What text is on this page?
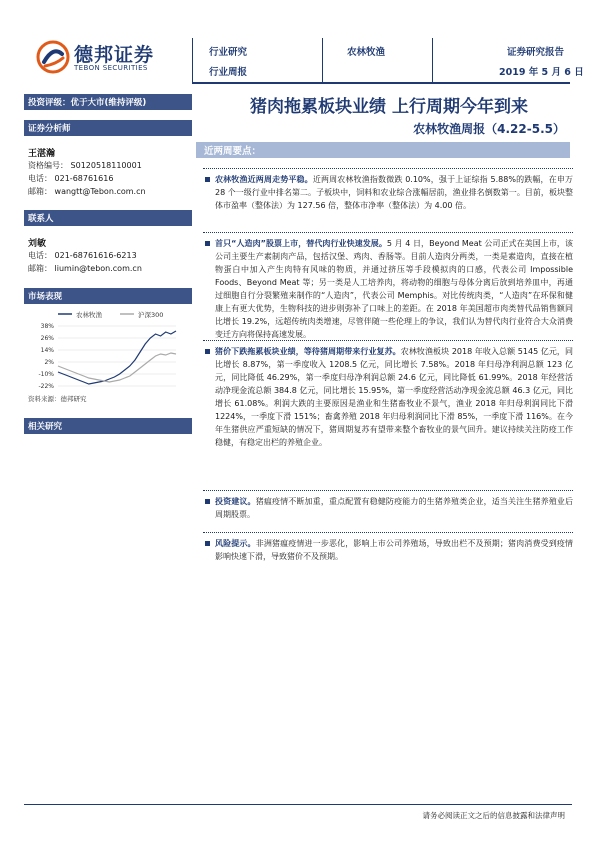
德邦证券
TEBON SECURITIES
行业研究
行业周报
农林牧渔	证券研究报告
2019 年 5 月 6 日
投资评级：优于大市(维持评级)
证券分析师
王湛瀚
资格编号： S0120518110001
电话： 021-68761616
邮箱： wangtt@Tebon.com.cn
联系人
刘敏
电话： 021-68761616-6213
邮箱： liumin@tebon.com.cn
市场表现
农林牧渔	沪深300
38%
26%
14%
2%
-10%
-22%
资料来源：德邦研究
相关研究
猪肉拖累板块业绩 上行周期今年到来
农林牧渔周报（4.22-5.5）
近两周要点：

农林牧渔近两周走势平稳。近两周农林牧渔指数微跌 0.10%，强于上证综指 5.88%的跌幅，在申万 28 个一级行业中排名第二。子板块中，饲料和农业综合涨幅居前，渔业排名倒数第一。目前，板块整体市盈率（整体法）为 127.56 倍，整体市净率（整体法）为 4.00 倍。

首只“人造肉”股票上市，替代肉行业快速发展。5 月 4 日，Beyond Meat 公司正式在美国上市，该公司主要生产素制肉产品，包括汉堡、鸡肉、香肠等。目前人造肉分两类，一类是素造肉，直接在植物蛋白中加入产生肉特有风味的物质，并通过挤压等手段模拟肉的口感，代表公司 Impossible Foods、Beyond Meat 等；另一类是人工培养肉，将动物的细胞与母体分离后放到培养皿中，再通过细胞自行分裂繁殖来制作的“人造肉”，代表公司 Memphis。对比传统肉类，“人造肉”在环保和健康上有更大优势，生物科技的进步则弥补了口味上的差距。在 2018 年美国超市肉类替代品销售额同比增长 19.2%，远超传统肉类增速，尽管伴随一些伦理上的争议，我们认为替代肉行业符合大众消费变迁方向将保持高速发展。

猪价下跌拖累板块业绩，等待猪周期带来行业复苏。农林牧渔板块 2018 年收入总额 5145 亿元，同比增长 8.87%，第一季度收入 1208.5 亿元，同比增长 7.58%。2018 年归母净利润总额 123 亿元，同比降低 46.29%，第一季度归母净利润总额 24.6 亿元，同比降低 61.99%。2018 年经营活动净现金流总额 384.8 亿元，同比增长 15.95%，第一季度经营活动净现金流总额 46.3 亿元，同比增长 61.08%。利润大跌的主要原因是渔业和生猪畜牧业不景气，渔业 2018 年归母利润同比下滑 1224%，一季度下滑 151%；畜禽养殖 2018 年归母利润同比下滑 85%，一季度下滑 116%。在今年生猪供应严重短缺的情况下，猪周期复苏有望带来整个畜牧业的景气回升。建议持续关注防疫工作稳健，有稳定出栏的养殖企业。

投资建议。猪瘟疫情不断加重，重点配置有稳健防疫能力的生猪养殖类企业，适当关注生猪养殖业后周期股票。

风险提示。非洲猪瘟疫情进一步恶化，影响上市公司养殖场，导致出栏不及预期；猪肉消费受到疫情影响快速下滑，导致猪价不及预期。

请务必阅读正文之后的信息披露和法律声明
